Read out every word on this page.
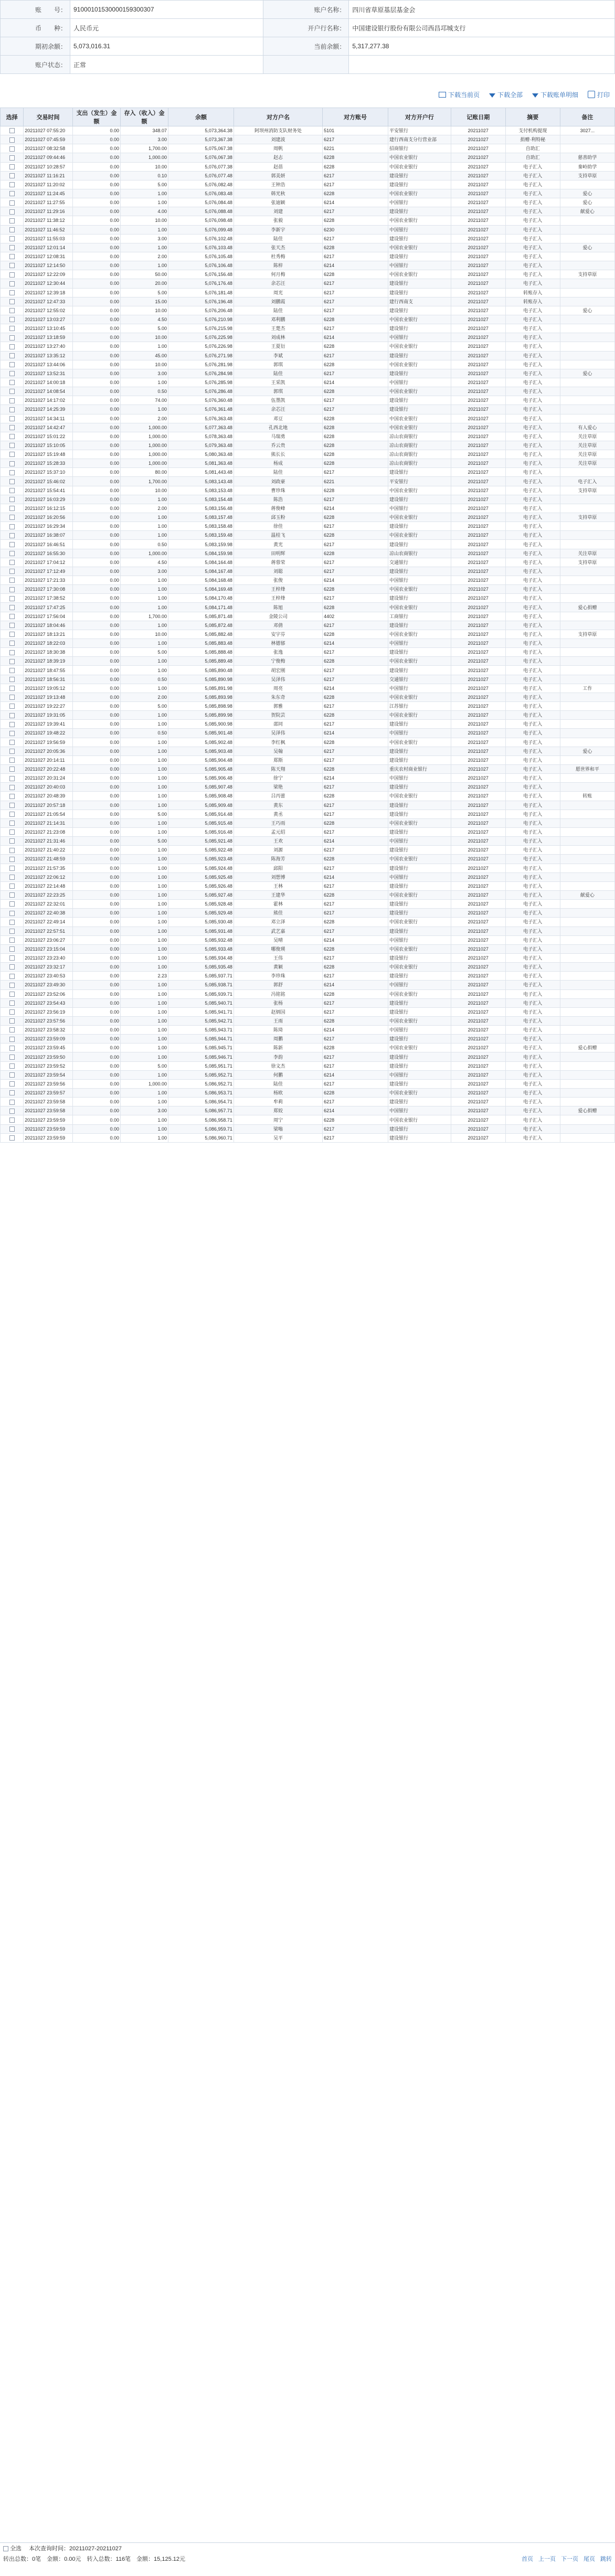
账　　号：	91000101530000159300307	账户名称：	四川省草原基层基金会
币　　种：	人民币元	开户行名称：	中国建设银行股份有限公司西昌邛城支行
期初余额：	5,073,016.31	当前余额：	5,317,277.38
账户状态：	正常		
下载当前页	下载全部	下载账单明细	打印
选择	交易时间	支出（发生）金额	存入（收入）金额	余额	对方户名	对方账号	对方开户行	记账日期	摘要	备注
	20211027 07:55:20	0.00	348.07	5,073,364.38	阿坝州消防支队财务处	5101	平安银行	20211027	支付机构提现	3027...
	20211027 07:45:59	0.00	3.00	5,073,367.38	刘建波	6217	建行西南支分行营业部	20211027	捐赠·利特秘	
	20211027 08:32:58	0.00	1,700.00	5,075,067.38	周帆	6221	招商银行	20211027	自助汇	
	20211027 09:44:46	0.00	1,000.00	5,076,067.38	赵志	6228	中国农业银行	20211027	自助汇	慈善助学
	20211027 10:28:57	0.00	10.00	5,076,077.38	赵蓓	6228	中国农业银行	20211027	电子汇入	秦岭助学
	20211027 11:16:21	0.00	0.10	5,076,077.48	郭美妍	6217	建设银行	20211027	电子汇入	支持草原
	20211027 11:20:02	0.00	5.00	5,076,082.48	王钟浩	6217	建设银行	20211027	电子汇入	
	20211027 11:24:45	0.00	1.00	5,076,083.48	韩光秋	6228	中国农业银行	20211027	电子汇入	爱心
	20211027 11:27:55	0.00	1.00	5,076,084.48	张迪颖	6214	中国银行	20211027	电子汇入	爱心
	20211027 11:29:16	0.00	4.00	5,076,088.48	刘建	6217	建设银行	20211027	电子汇入	献爱心
	20211027 11:38:12	0.00	10.00	5,076,098.48	张毅	6228	中国农业银行	20211027	电子汇入	
	20211027 11:46:52	0.00	1.00	5,076,099.48	李新宇	6230	中国银行	20211027	电子汇入	
	20211027 11:55:03	0.00	3.00	5,076,102.48	陆佳	6217	建设银行	20211027	电子汇入	
	20211027 12:01:14	0.00	1.00	5,076,103.48	张天杰	6228	中国农业银行	20211027	电子汇入	爱心
	20211027 12:08:31	0.00	2.00	5,076,105.48	杜秀梅	6217	建设银行	20211027	电子汇入	
	20211027 12:14:50	0.00	1.00	5,076,106.48	陈梓	6214	中国银行	20211027	电子汇入	
	20211027 12:22:09	0.00	50.00	5,076,156.48	何月梅	6228	中国农业银行	20211027	电子汇入	支持草原
	20211027 12:30:44	0.00	20.00	5,076,176.48	余芯汪	6217	建设银行	20211027	电子汇入	
	20211027 12:39:18	0.00	5.00	5,076,181.48	周光	6217	建设银行	20211027	转账存入	
	20211027 12:47:33	0.00	15.00	5,076,196.48	刘鹏霞	6217	建行西南支	20211027	转账存入	
	20211027 12:55:02	0.00	10.00	5,076,206.48	陆佳	6217	建设银行	20211027	电子汇入	爱心
	20211027 13:03:27	0.00	4.50	5,076,210.98	邓利鹏	6228	中国农业银行	20211027	电子汇入	
	20211027 13:10:45	0.00	5.00	5,076,215.98	王楚杰	6217	建设银行	20211027	电子汇入	
	20211027 13:18:59	0.00	10.00	5,076,225.98	刘成林	6214	中国银行	20211027	电子汇入	
	20211027 13:27:40	0.00	1.00	5,076,226.98	王夏衍	6228	中国农业银行	20211027	电子汇入	
	20211027 13:35:12	0.00	45.00	5,076,271.98	李斌	6217	建设银行	20211027	电子汇入	
	20211027 13:44:06	0.00	10.00	5,076,281.98	郭琪	6228	中国农业银行	20211027	电子汇入	
	20211027 13:52:31	0.00	3.00	5,076,284.98	陆佳	6217	建设银行	20211027	电子汇入	爱心
	20211027 14:00:18	0.00	1.00	5,076,285.98	王采凯	6214	中国银行	20211027	电子汇入	
	20211027 14:08:54	0.00	0.50	5,076,286.48	郭琪	6228	中国农业银行	20211027	电子汇入	
	20211027 14:17:02	0.00	74.00	5,076,360.48	伍墨凯	6217	建设银行	20211027	电子汇入	
	20211027 14:25:39	0.00	1.00	5,076,361.48	余芯汪	6217	建设银行	20211027	电子汇入	
	20211027 14:34:11	0.00	2.00	5,076,363.48	邓豆	6228	中国农业银行	20211027	电子汇入	
	20211027 14:42:47	0.00	1,000.00	5,077,363.48	孔西北地	6228	中国农业银行	20211027	电子汇入	有人爱心
	20211027 15:01:22	0.00	1,000.00	5,078,363.48	马瑞勇	6228	凉山农商银行	20211027	电子汇入	关注草原
	20211027 15:10:05	0.00	1,000.00	5,079,363.48	乔云贵	6228	凉山农商银行	20211027	电子汇入	关注草原
	20211027 15:19:48	0.00	1,000.00	5,080,363.48	熊长长	6228	凉山农商银行	20211027	电子汇入	关注草原
	20211027 15:28:33	0.00	1,000.00	5,081,363.48	杨成	6228	凉山农商银行	20211027	电子汇入	关注草原
	20211027 15:37:10	0.00	80.00	5,081,443.48	陆佳	6217	建设银行	20211027	电子汇入	
	20211027 15:46:02	0.00	1,700.00	5,083,143.48	刘政豪	6221	平安银行	20211027	电子汇入	电子汇入
	20211027 15:54:41	0.00	10.00	5,083,153.48	曹珍珠	6228	中国农业银行	20211027	电子汇入	支持草原
	20211027 16:03:29	0.00	1.00	5,083,154.48	陈浩	6217	建设银行	20211027	电子汇入	
	20211027 16:12:15	0.00	2.00	5,083,156.48	蒋俊峰	6214	中国银行	20211027	电子汇入	
	20211027 16:20:56	0.00	1.00	5,083,157.48	邱玉粉	6228	中国农业银行	20211027	电子汇入	支持草原
	20211027 16:29:34	0.00	1.00	5,083,158.48	徐佳	6217	建设银行	20211027	电子汇入	
	20211027 16:38:07	0.00	1.00	5,083,159.48	温桂飞	6228	中国农业银行	20211027	电子汇入	
	20211027 16:46:51	0.00	0.50	5,083,159.98	黄光	6217	建设银行	20211027	电子汇入	
	20211027 16:55:30	0.00	1,000.00	5,084,159.98	田明辉	6228	凉山农商银行	20211027	电子汇入	关注草原
	20211027 17:04:12	0.00	4.50	5,084,164.48	蒋蓉荣	6217	交通银行	20211027	电子汇入	支持草原
	20211027 17:12:49	0.00	3.00	5,084,167.48	刘聪	6217	建设银行	20211027	电子汇入	
	20211027 17:21:33	0.00	1.00	5,084,168.48	张俊	6214	中国银行	20211027	电子汇入	
	20211027 17:30:08	0.00	1.00	5,084,169.48	王梓烽	6228	中国农业银行	20211027	电子汇入	
	20211027 17:38:52	0.00	1.00	5,084,170.48	王梓烽	6217	建设银行	20211027	电子汇入	
	20211027 17:47:25	0.00	1.00	5,084,171.48	陈旭	6228	中国农业银行	20211027	电子汇入	爱心捐赠
	20211027 17:56:04	0.00	1,700.00	5,085,871.48	金陵公司	4402	工商银行	20211027	电子汇入	
	20211027 18:04:46	0.00	1.00	5,085,872.48	邓倩	6217	建设银行	20211027	电子汇入	
	20211027 18:13:21	0.00	10.00	5,085,882.48	安宇芬	6228	中国农业银行	20211027	电子汇入	支持草原
	20211027 18:22:03	0.00	1.00	5,085,883.48	林德郁	6214	中国银行	20211027	电子汇入	
	20211027 18:30:38	0.00	5.00	5,085,888.48	张逸	6217	建设银行	20211027	电子汇入	
	20211027 18:39:19	0.00	1.00	5,085,889.48	宁俊梅	6228	中国农业银行	20211027	电子汇入	
	20211027 18:47:55	0.00	1.00	5,085,890.48	胡宏刚	6217	建设银行	20211027	电子汇入	
	20211027 18:56:31	0.00	0.50	5,085,890.98	吴泽伟	6217	交通银行	20211027	电子汇入	
	20211027 19:05:12	0.00	1.00	5,085,891.98	周亮	6214	中国银行	20211027	电子汇入	工作
	20211027 19:13:48	0.00	2.00	5,085,893.98	朱东奇	6228	中国农业银行	20211027	电子汇入	
	20211027 19:22:27	0.00	5.00	5,085,898.98	郭雅	6217	江苏银行	20211027	电子汇入	
	20211027 19:31:05	0.00	1.00	5,085,899.98	贺院芸	6228	中国农业银行	20211027	电子汇入	
	20211027 19:39:41	0.00	1.00	5,085,900.98	邵同	6217	建设银行	20211027	电子汇入	
	20211027 19:48:22	0.00	0.50	5,085,901.48	吴泽伟	6214	中国银行	20211027	电子汇入	
	20211027 19:56:59	0.00	1.00	5,085,902.48	李红枫	6228	中国农业银行	20211027	电子汇入	
	20211027 20:05:36	0.00	1.00	5,085,903.48	吴翰	6217	建设银行	20211027	电子汇入	爱心
	20211027 20:14:11	0.00	1.00	5,085,904.48	郑斯	6217	建设银行	20211027	电子汇入	
	20211027 20:22:48	0.00	1.00	5,085,905.48	陈天翔	6228	重庆农村商业银行	20211027	电子汇入	愿世界和平
	20211027 20:31:24	0.00	1.00	5,085,906.48	徐宁	6214	中国银行	20211027	电子汇入	
	20211027 20:40:03	0.00	1.00	5,085,907.48	梁艳	6217	建设银行	20211027	电子汇入	
	20211027 20:48:39	0.00	1.00	5,085,908.48	吕丙蕾	6228	中国农业银行	20211027	电子汇入	转账
	20211027 20:57:18	0.00	1.00	5,085,909.48	黄东	6217	建设银行	20211027	电子汇入	
	20211027 21:05:54	0.00	5.00	5,085,914.48	黄丞	6217	建设银行	20211027	电子汇入	
	20211027 21:14:31	0.00	1.00	5,085,915.48	王巧雨	6228	中国农业银行	20211027	电子汇入	
	20211027 21:23:08	0.00	1.00	5,085,916.48	孟元绍	6217	建设银行	20211027	电子汇入	
	20211027 21:31:46	0.00	5.00	5,085,921.48	王欢	6214	中国银行	20211027	电子汇入	
	20211027 21:40:22	0.00	1.00	5,085,922.48	刘源	6217	建设银行	20211027	电子汇入	
	20211027 21:48:59	0.00	1.00	5,085,923.48	陈海芳	6228	中国农业银行	20211027	电子汇入	
	20211027 21:57:35	0.00	1.00	5,085,924.48	邱阳	6217	建设银行	20211027	电子汇入	
	20211027 22:06:12	0.00	1.00	5,085,925.48	刘想博	6214	中国银行	20211027	电子汇入	
	20211027 22:14:48	0.00	1.00	5,085,926.48	王林	6217	建设银行	20211027	电子汇入	
	20211027 22:23:25	0.00	1.00	5,085,927.48	王建华	6228	中国农业银行	20211027	电子汇入	献爱心
	20211027 22:32:01	0.00	1.00	5,085,928.48	霍林	6217	建设银行	20211027	电子汇入	
	20211027 22:40:38	0.00	1.00	5,085,929.48	熊佳	6217	建设银行	20211027	电子汇入	
	20211027 22:49:14	0.00	1.00	5,085,930.48	邓立泽	6228	中国农业银行	20211027	电子汇入	
	20211027 22:57:51	0.00	1.00	5,085,931.48	武艺嘉	6217	建设银行	20211027	电子汇入	
	20211027 23:06:27	0.00	1.00	5,085,932.48	吴晴	6214	中国银行	20211027	电子汇入	
	20211027 23:15:04	0.00	1.00	5,085,933.48	哪俊瑛	6228	中国农业银行	20211027	电子汇入	
	20211027 23:23:40	0.00	1.00	5,085,934.48	王伟	6217	建设银行	20211027	电子汇入	
	20211027 23:32:17	0.00	1.00	5,085,935.48	黄颖	6228	中国农业银行	20211027	电子汇入	
	20211027 23:40:53	0.00	2.23	5,085,937.71	李珍珠	6217	建设银行	20211027	电子汇入	
	20211027 23:49:30	0.00	1.00	5,085,938.71	郭舒	6214	中国银行	20211027	电子汇入	
	20211027 23:52:06	0.00	1.00	5,085,939.71	冯铭铭	6228	中国农业银行	20211027	电子汇入	
	20211027 23:54:43	0.00	1.00	5,085,940.71	张杨	6217	建设银行	20211027	电子汇入	
	20211027 23:56:19	0.00	1.00	5,085,941.71	赵炳国	6217	建设银行	20211027	电子汇入	
	20211027 23:57:56	0.00	1.00	5,085,942.71	王雨	6228	中国农业银行	20211027	电子汇入	
	20211027 23:58:32	0.00	1.00	5,085,943.71	陈琦	6214	中国银行	20211027	电子汇入	
	20211027 23:59:09	0.00	1.00	5,085,944.71	周鹏	6217	建设银行	20211027	电子汇入	
	20211027 23:59:45	0.00	1.00	5,085,945.71	陈新	6228	中国农业银行	20211027	电子汇入	爱心捐赠
	20211027 23:59:50	0.00	1.00	5,085,946.71	李韵	6217	建设银行	20211027	电子汇入	
	20211027 23:59:52	0.00	5.00	5,085,951.71	徐文杰	6217	建设银行	20211027	电子汇入	
	20211027 23:59:54	0.00	1.00	5,085,952.71	何鹏	6214	中国银行	20211027	电子汇入	
	20211027 23:59:56	0.00	1,000.00	5,086,952.71	陆佳	6217	建设银行	20211027	电子汇入	
	20211027 23:59:57	0.00	1.00	5,086,953.71	杨欧	6228	中国农业银行	20211027	电子汇入	
	20211027 23:59:58	0.00	1.00	5,086,954.71	牟莉	6217	建设银行	20211027	电子汇入	
	20211027 23:59:58	0.00	3.00	5,086,957.71	郑姣	6214	中国银行	20211027	电子汇入	爱心捐赠
	20211027 23:59:59	0.00	1.00	5,086,958.71	周宁	6228	中国农业银行	20211027	电子汇入	
	20211027 23:59:59	0.00	1.00	5,086,959.71	梁嗡	6217	建设银行	20211027	电子汇入	
	20211027 23:59:59	0.00	1.00	5,086,960.71	吴平	6217	建设银行	20211027	电子汇入	
全选 本次查询时间：20211027-20211027
转出总数：0笔　金额：0.00元　转入总数：116笔　金额：15,125.12元	首页 上一页 下一页 尾页 跳转
